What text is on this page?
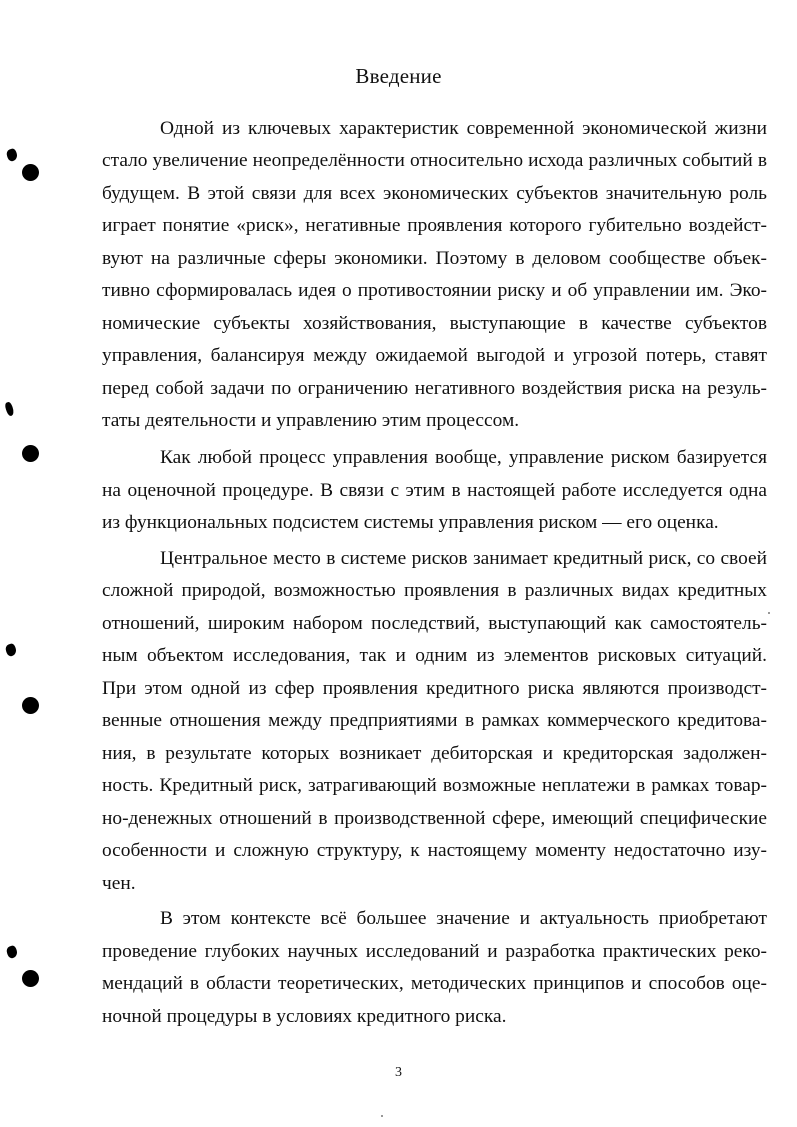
Введение
Одной из ключевых характеристик современной экономической жизни
стало увеличение неопределённости относительно исхода различных событий в
будущем. В этой связи для всех экономических субъектов значительную роль
играет понятие «риск», негативные проявления которого губительно воздейст-
вуют на различные сферы экономики. Поэтому в деловом сообществе объек-
тивно сформировалась идея о противостоянии риску и об управлении им. Эко-
номические субъекты хозяйствования, выступающие в качестве субъектов
управления, балансируя между ожидаемой выгодой и угрозой потерь, ставят
перед собой задачи по ограничению негативного воздействия риска на резуль-
таты деятельности и управлению этим процессом.
Как любой процесс управления вообще, управление риском базируется
на оценочной процедуре. В связи с этим в настоящей работе исследуется одна
из функциональных подсистем системы управления риском — его оценка.
Центральное место в системе рисков занимает кредитный риск, со своей
сложной природой, возможностью проявления в различных видах кредитных
отношений, широким набором последствий, выступающий как самостоятель-
ным объектом исследования, так и одним из элементов рисковых ситуаций.
При этом одной из сфер проявления кредитного риска являются производст-
венные отношения между предприятиями в рамках коммерческого кредитова-
ния, в результате которых возникает дебиторская и кредиторская задолжен-
ность. Кредитный риск, затрагивающий возможные неплатежи в рамках товар-
но-денежных отношений в производственной сфере, имеющий специфические
особенности и сложную структуру, к настоящему моменту недостаточно изу-
чен.
В этом контексте всё большее значение и актуальность приобретают
проведение глубоких научных исследований и разработка практических реко-
мендаций в области теоретических, методических принципов и способов оце-
ночной процедуры в условиях кредитного риска.
3
